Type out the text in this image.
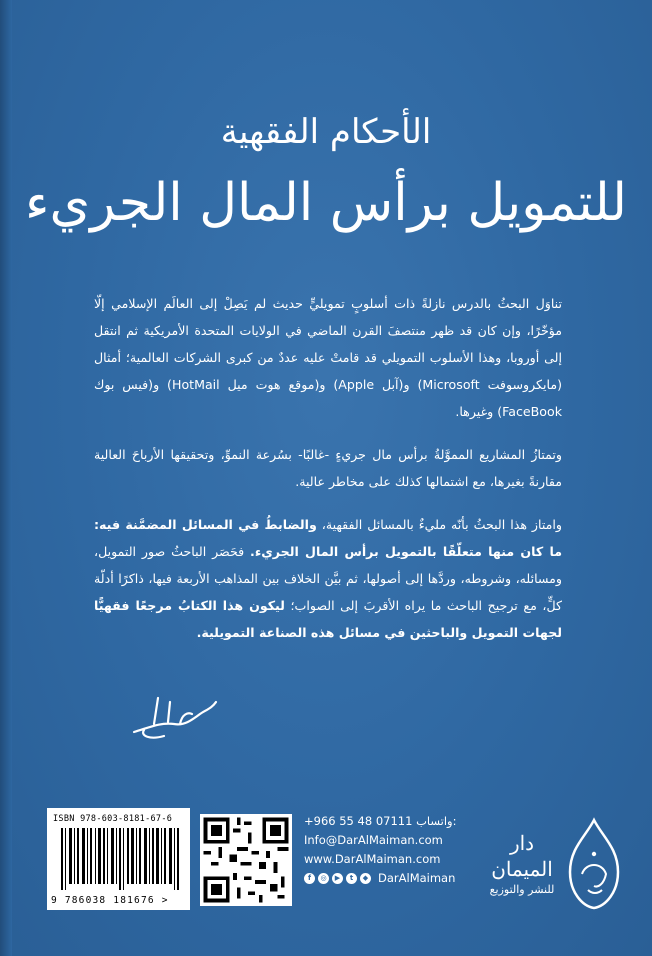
الأحكام الفقهية
للتمويل برأس المال الجريء

تناوَل البحثُ بالدرس نازلةً ذات أسلوبٍ تمويليٍّ حديث لم يَصِلْ إلى العالَم الإسلامي إلّا مؤخّرًا، وإن كان قد ظهر منتصفَ القرن الماضي في الولايات المتحدة الأمريكية ثم انتقل إلى أوروبا، وهذا الأسلوب التمويلي قد قامتْ عليه عددٌ من كبرى الشركات العالمية؛ أمثال (مايكروسوفت Microsoft) و(آبل Apple) و(موقع هوت ميل HotMail) و(فيس بوك FaceBook) وغيرها.

وتمتازُ المشاريع المموَّلةُ برأس مال جريءٍ -غالبًا- بسُرعة النموِّ، وتحقيقها الأرباحَ العالية مقارنةً بغيرها، مع اشتمالها كذلك على مخاطر عالية.

وامتاز هذا البحثُ بأنّه مليءٌ بالمسائل الفقهية، والضابطُ في المسائل المضمَّنة فيه: ما كان منها متعلّقًا بالتمويل برأس المال الجريء. فحَصَر الباحثُ صور التمويل، ومسائله، وشروطه، وردَّها إلى أصولها، ثم بيَّن الخلاف بين المذاهب الأربعة فيها، ذاكرًا أدلّة كلٍّ، مع ترجيح الباحث ما يراه الأقربَ إلى الصواب؛ ليكون هذا الكتابُ مرجعًا فقهيًّا لجهات التمويل والباحثين في مسائل هذه الصناعة التمويلية.

ISBN 978-603-8181-67-6
9 786038 181676 >
+966 55 48 07111 واتساب:
Info@DarAlMaiman.com
www.DarAlMaiman.com
f	◎	▶	t	◆ DarAlMaiman
دار الميمان
للنشر والتوزيع
